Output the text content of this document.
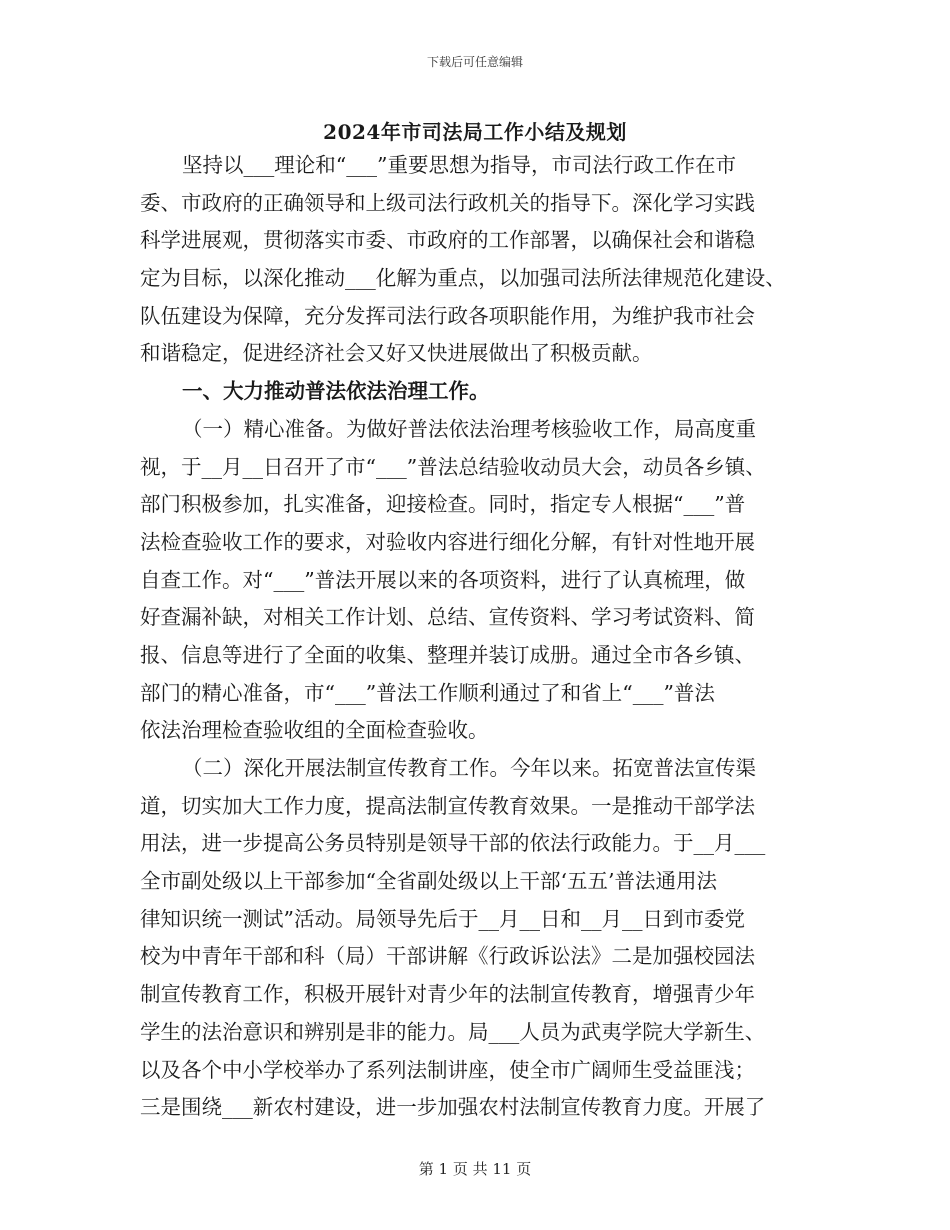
下载后可任意编辑
2024年市司法局工作小结及规划
坚持以___理论和“___”重要思想为指导，市司法行政工作在市
委、市政府的正确领导和上级司法行政机关的指导下。深化学习实践
科学进展观，贯彻落实市委、市政府的工作部署，以确保社会和谐稳
定为目标，以深化推动___化解为重点，以加强司法所法律规范化建设、
队伍建设为保障，充分发挥司法行政各项职能作用，为维护我市社会
和谐稳定，促进经济社会又好又快进展做出了积极贡献。
一、大力推动普法依法治理工作。
（一）精心准备。为做好普法依法治理考核验收工作，局高度重
视，于__月__日召开了市“___”普法总结验收动员大会，动员各乡镇、
部门积极参加，扎实准备，迎接检查。同时，指定专人根据“___”普
法检查验收工作的要求，对验收内容进行细化分解，有针对性地开展
自查工作。对“___”普法开展以来的各项资料，进行了认真梳理，做
好查漏补缺，对相关工作计划、总结、宣传资料、学习考试资料、简
报、信息等进行了全面的收集、整理并装订成册。通过全市各乡镇、
部门的精心准备，市“___”普法工作顺利通过了和省上“___”普法
依法治理检查验收组的全面检查验收。
（二）深化开展法制宣传教育工作。今年以来。拓宽普法宣传渠
道，切实加大工作力度，提高法制宣传教育效果。一是推动干部学法
用法，进一步提高公务员特别是领导干部的依法行政能力。于__月___
全市副处级以上干部参加“全省副处级以上干部‘五五’普法通用法
律知识统一测试”活动。局领导先后于__月__日和__月__日到市委党
校为中青年干部和科（局）干部讲解《行政诉讼法》二是加强校园法
制宣传教育工作，积极开展针对青少年的法制宣传教育，增强青少年
学生的法治意识和辨别是非的能力。局___人员为武夷学院大学新生、
以及各个中小学校举办了系列法制讲座，使全市广阔师生受益匪浅；
三是围绕___新农村建设，进一步加强农村法制宣传教育力度。开展了
第 1 页 共 11 页
